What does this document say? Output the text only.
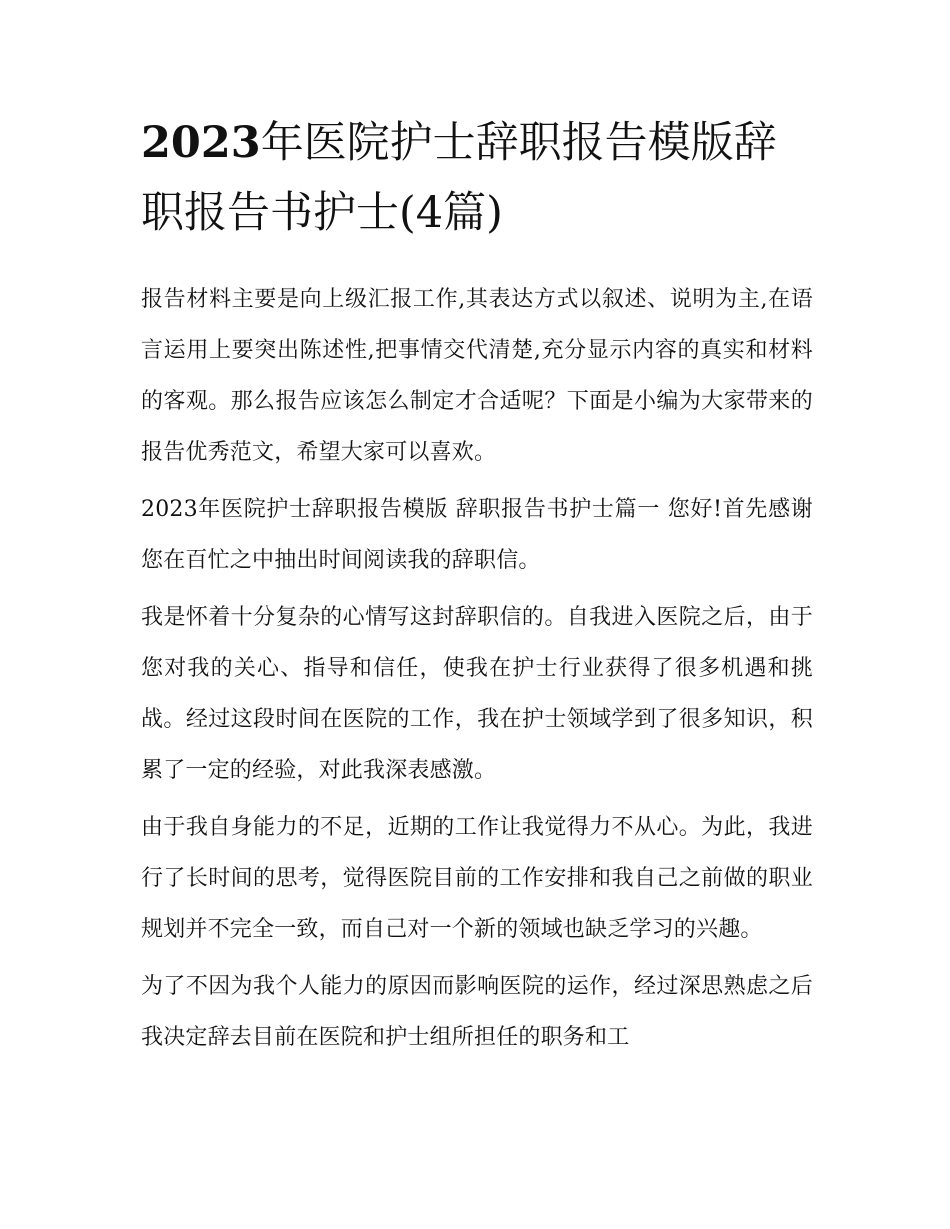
2023年医院护士辞职报告模版辞职报告书护士(4篇)

报告材料主要是向上级汇报工作,其表达方式以叙述、说明为主,在语言运用上要突出陈述性,把事情交代清楚,充分显示内容的真实和材料的客观。那么报告应该怎么制定才合适呢？下面是小编为大家带来的报告优秀范文，希望大家可以喜欢。

2023年医院护士辞职报告模版 辞职报告书护士篇一 您好!首先感谢您在百忙之中抽出时间阅读我的辞职信。

我是怀着十分复杂的心情写这封辞职信的。自我进入医院之后，由于您对我的关心、指导和信任，使我在护士行业获得了很多机遇和挑战。经过这段时间在医院的工作，我在护士领域学到了很多知识，积累了一定的经验，对此我深表感激。

由于我自身能力的不足，近期的工作让我觉得力不从心。为此，我进行了长时间的思考，觉得医院目前的工作安排和我自己之前做的职业规划并不完全一致，而自己对一个新的领域也缺乏学习的兴趣。

为了不因为我个人能力的原因而影响医院的运作，经过深思熟虑之后我决定辞去目前在医院和护士组所担任的职务和工
